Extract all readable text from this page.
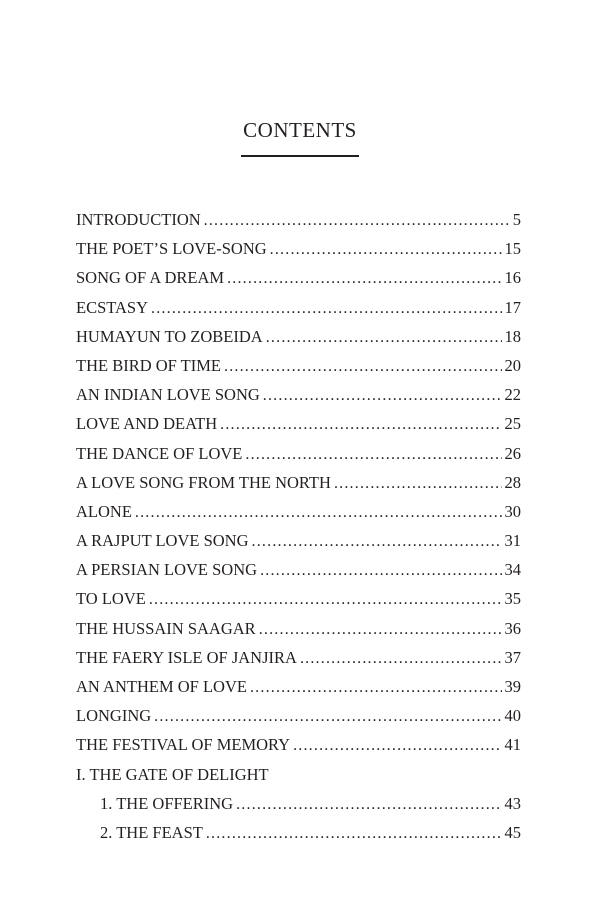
CONTENTS
INTRODUCTION . . .	5
THE POET’S LOVE-SONG . . .	15
SONG OF A DREAM . . .	16
ECSTASY . . .	17
HUMAYUN TO ZOBEIDA . . .	18
THE BIRD OF TIME . . .	20
AN INDIAN LOVE SONG . . .	22
LOVE AND DEATH . . .	25
THE DANCE OF LOVE . . .	26
A LOVE SONG FROM THE NORTH . . .	28
ALONE . . .	30
A RAJPUT LOVE SONG . . .	31
A PERSIAN LOVE SONG . . .	34
TO LOVE . . .	35
THE HUSSAIN SAAGAR . . .	36
THE FAERY ISLE OF JANJIRA . . .	37
AN ANTHEM OF LOVE . . .	39
LONGING . . .	40
THE FESTIVAL OF MEMORY . . .	41
I. THE GATE OF DELIGHT
1. THE OFFERING . . .	43
2. THE FEAST . . .	45
